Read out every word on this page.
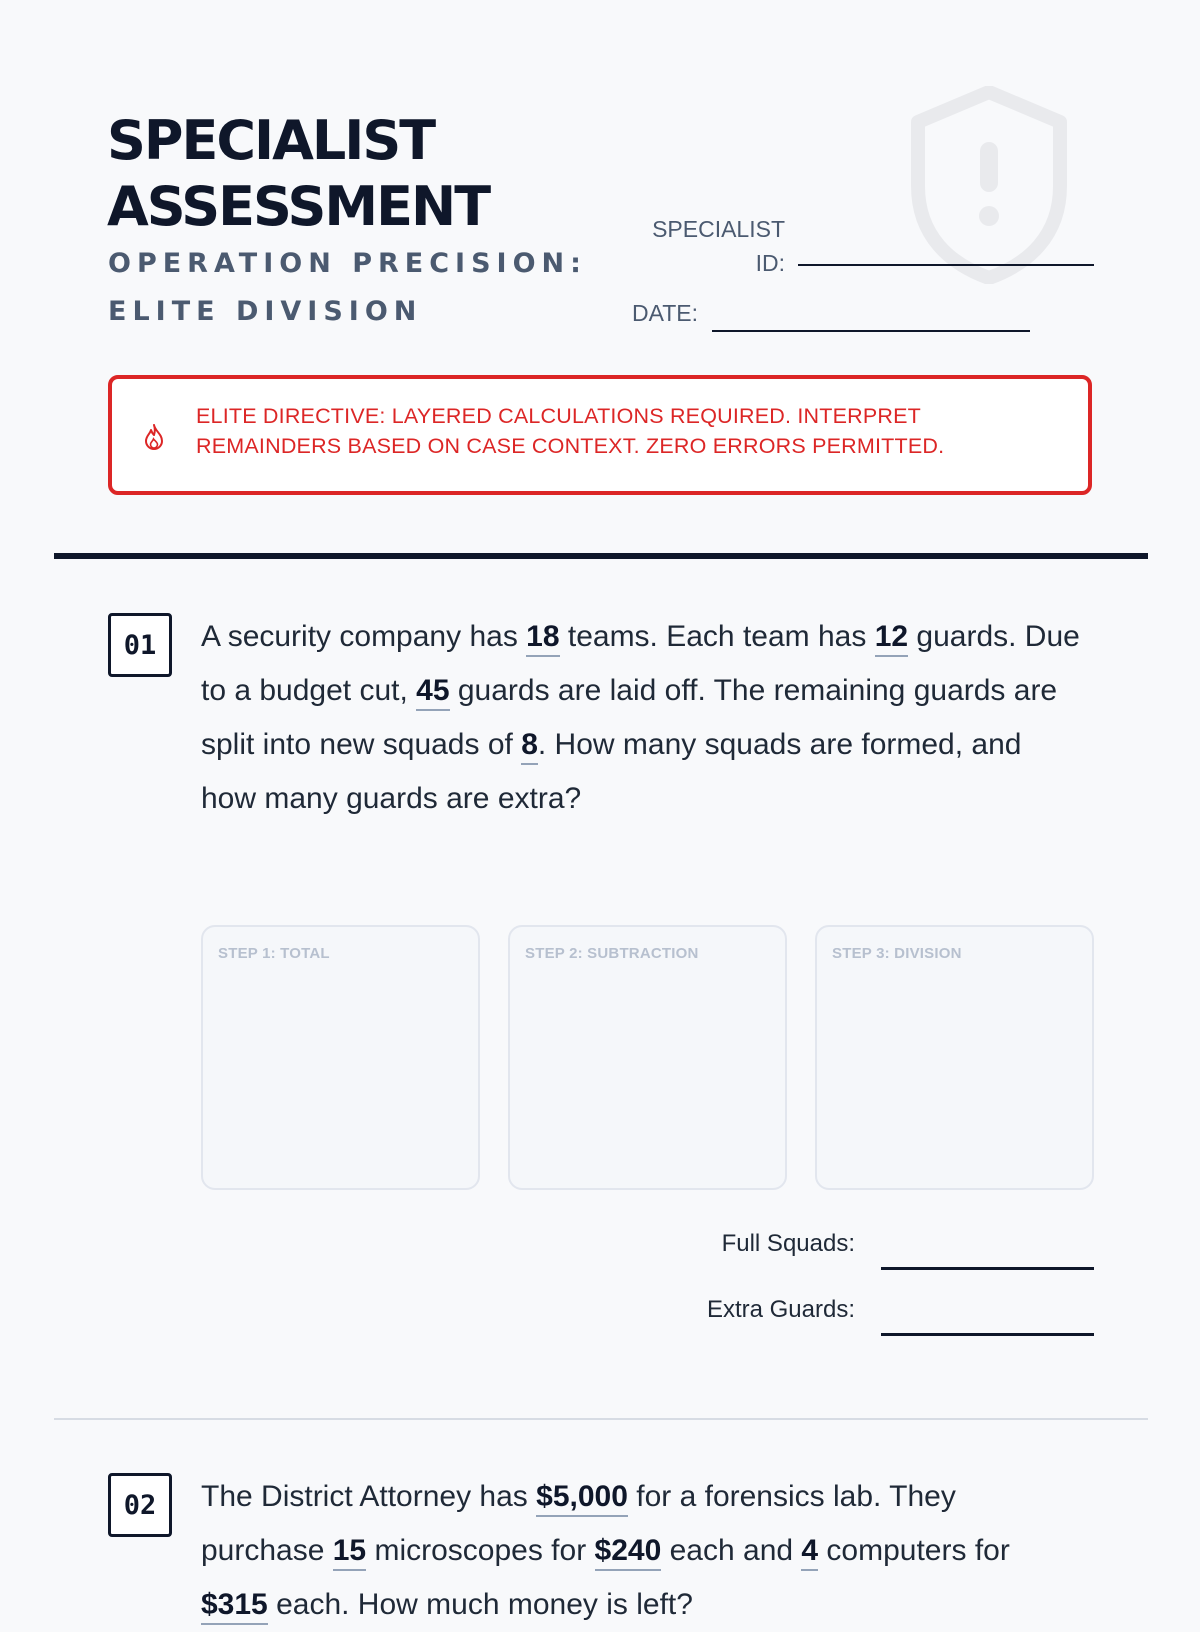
SPECIALIST ASSESSMENT
OPERATION PRECISION: ELITE DIVISION
SPECIALIST ID:
DATE:
ELITE DIRECTIVE: LAYERED CALCULATIONS REQUIRED. INTERPRET REMAINDERS BASED ON CASE CONTEXT. ZERO ERRORS PERMITTED.
01	A security company has 18 teams. Each team has 12 guards. Due to a budget cut, 45 guards are laid off. The remaining guards are split into new squads of 8. How many squads are formed, and how many guards are extra?

STEP 1: TOTAL	STEP 2: SUBTRACTION	STEP 3: DIVISION
Full Squads:
Extra Guards:
02	The District Attorney has $5,000 for a forensics lab. They purchase 15 microscopes for $240 each and 4 computers for $315 each. How much money is left?
